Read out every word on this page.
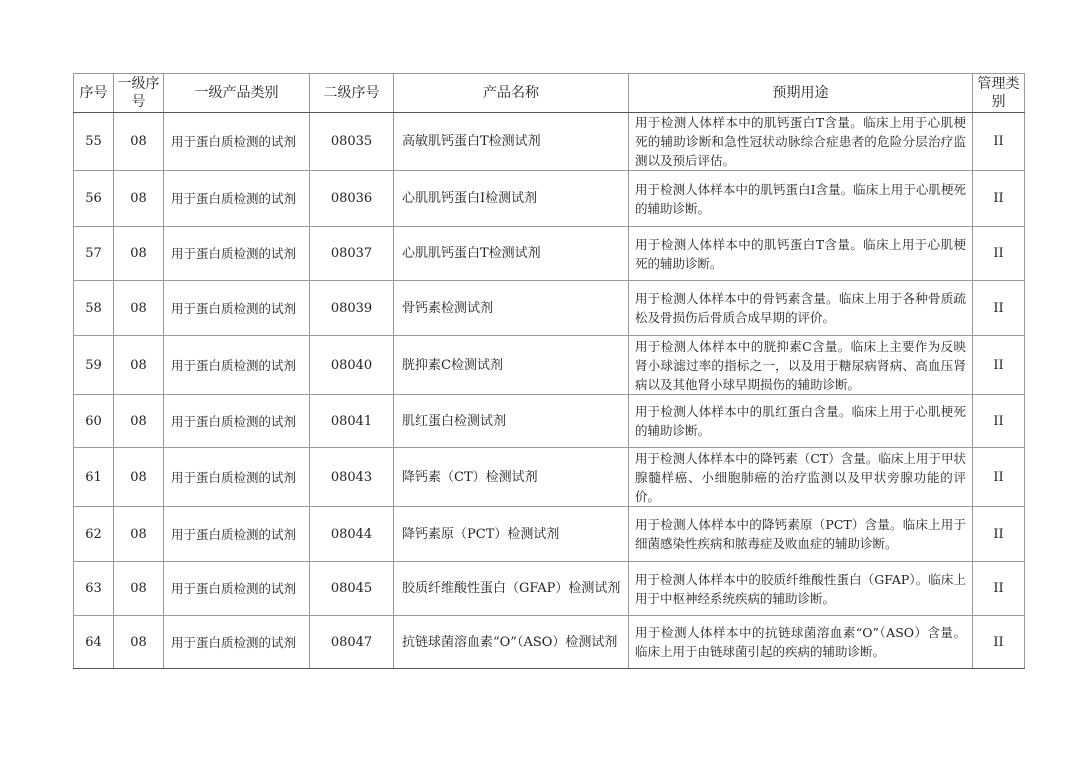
序号	一级序号	一级产品类别	二级序号	产品名称	预期用途	管理类别
55	08	用于蛋白质检测的试剂	08035	高敏肌钙蛋白T检测试剂	用于检测人体样本中的肌钙蛋白T含量。临床上用于心肌梗死的辅助诊断和急性冠状动脉综合症患者的危险分层治疗监测以及预后评估。	II
56	08	用于蛋白质检测的试剂	08036	心肌肌钙蛋白I检测试剂	用于检测人体样本中的肌钙蛋白I含量。临床上用于心肌梗死的辅助诊断。	II
57	08	用于蛋白质检测的试剂	08037	心肌肌钙蛋白T检测试剂	用于检测人体样本中的肌钙蛋白T含量。临床上用于心肌梗死的辅助诊断。	II
58	08	用于蛋白质检测的试剂	08039	骨钙素检测试剂	用于检测人体样本中的骨钙素含量。临床上用于各种骨质疏松及骨损伤后骨质合成早期的评价。	II
59	08	用于蛋白质检测的试剂	08040	胱抑素C检测试剂	用于检测人体样本中的胱抑素C含量。临床上主要作为反映肾小球滤过率的指标之一，以及用于糖尿病肾病、高血压肾病以及其他肾小球早期损伤的辅助诊断。	II
60	08	用于蛋白质检测的试剂	08041	肌红蛋白检测试剂	用于检测人体样本中的肌红蛋白含量。临床上用于心肌梗死的辅助诊断。	II
61	08	用于蛋白质检测的试剂	08043	降钙素（CT）检测试剂	用于检测人体样本中的降钙素（CT）含量。临床上用于甲状腺髓样癌、小细胞肺癌的治疗监测以及甲状旁腺功能的评价。	II
62	08	用于蛋白质检测的试剂	08044	降钙素原（PCT）检测试剂	用于检测人体样本中的降钙素原（PCT）含量。临床上用于细菌感染性疾病和脓毒症及败血症的辅助诊断。	II
63	08	用于蛋白质检测的试剂	08045	胶质纤维酸性蛋白（GFAP）检测试剂	用于检测人体样本中的胶质纤维酸性蛋白（GFAP）。临床上用于中枢神经系统疾病的辅助诊断。	II
64	08	用于蛋白质检测的试剂	08047	抗链球菌溶血素“O”（ASO）检测试剂	用于检测人体样本中的抗链球菌溶血素“O”（ASO）含量。临床上用于由链球菌引起的疾病的辅助诊断。	II
